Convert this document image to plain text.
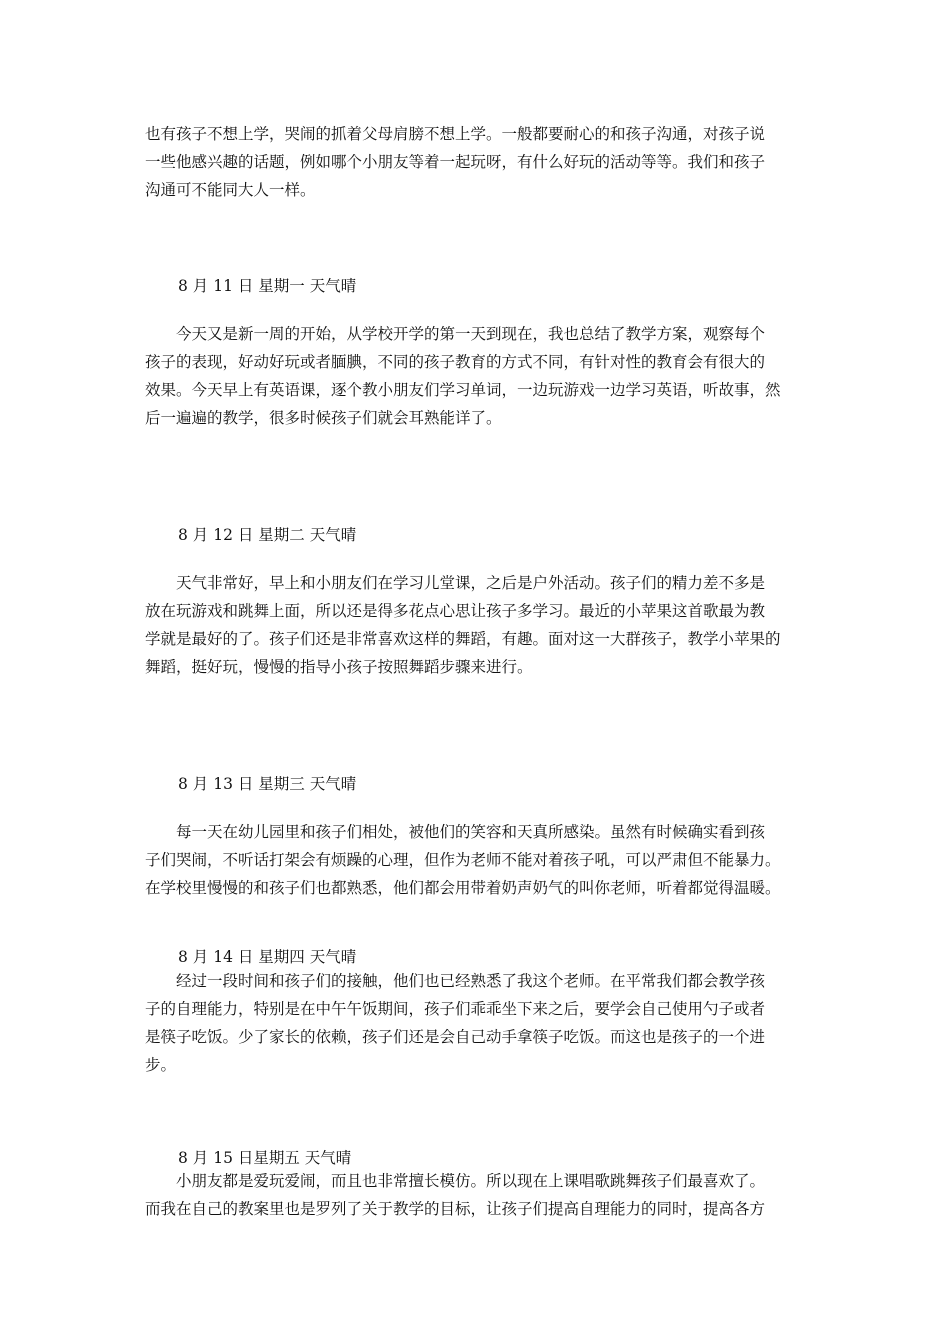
也有孩子不想上学，哭闹的抓着父母肩膀不想上学。一般都要耐心的和孩子沟通，对孩子说
一些他感兴趣的话题，例如哪个小朋友等着一起玩呀，有什么好玩的活动等等。我们和孩子
沟通可不能同大人一样。
8 月 11 日 星期一 天气晴
　　今天又是新一周的开始，从学校开学的第一天到现在，我也总结了教学方案，观察每个
孩子的表现，好动好玩或者腼腆，不同的孩子教育的方式不同，有针对性的教育会有很大的
效果。今天早上有英语课，逐个教小朋友们学习单词，一边玩游戏一边学习英语，听故事，然
后一遍遍的教学，很多时候孩子们就会耳熟能详了。
8 月 12 日 星期二 天气晴
　　天气非常好，早上和小朋友们在学习儿堂课，之后是户外活动。孩子们的精力差不多是
放在玩游戏和跳舞上面，所以还是得多花点心思让孩子多学习。最近的小苹果这首歌最为教
学就是最好的了。孩子们还是非常喜欢这样的舞蹈，有趣。面对这一大群孩子，教学小苹果的
舞蹈，挺好玩，慢慢的指导小孩子按照舞蹈步骤来进行。
8 月 13 日 星期三 天气晴
　　每一天在幼儿园里和孩子们相处，被他们的笑容和天真所感染。虽然有时候确实看到孩
子们哭闹，不听话打架会有烦躁的心理，但作为老师不能对着孩子吼，可以严肃但不能暴力。
在学校里慢慢的和孩子们也都熟悉，他们都会用带着奶声奶气的叫你老师，听着都觉得温暖。
8 月 14 日 星期四 天气晴
　　经过一段时间和孩子们的接触，他们也已经熟悉了我这个老师。在平常我们都会教学孩
子的自理能力，特别是在中午午饭期间，孩子们乖乖坐下来之后，要学会自己使用勺子或者
是筷子吃饭。少了家长的依赖，孩子们还是会自己动手拿筷子吃饭。而这也是孩子的一个进
步。
8 月 15 日星期五 天气晴
　　小朋友都是爱玩爱闹，而且也非常擅长模仿。所以现在上课唱歌跳舞孩子们最喜欢了。
而我在自己的教案里也是罗列了关于教学的目标，让孩子们提高自理能力的同时，提高各方
